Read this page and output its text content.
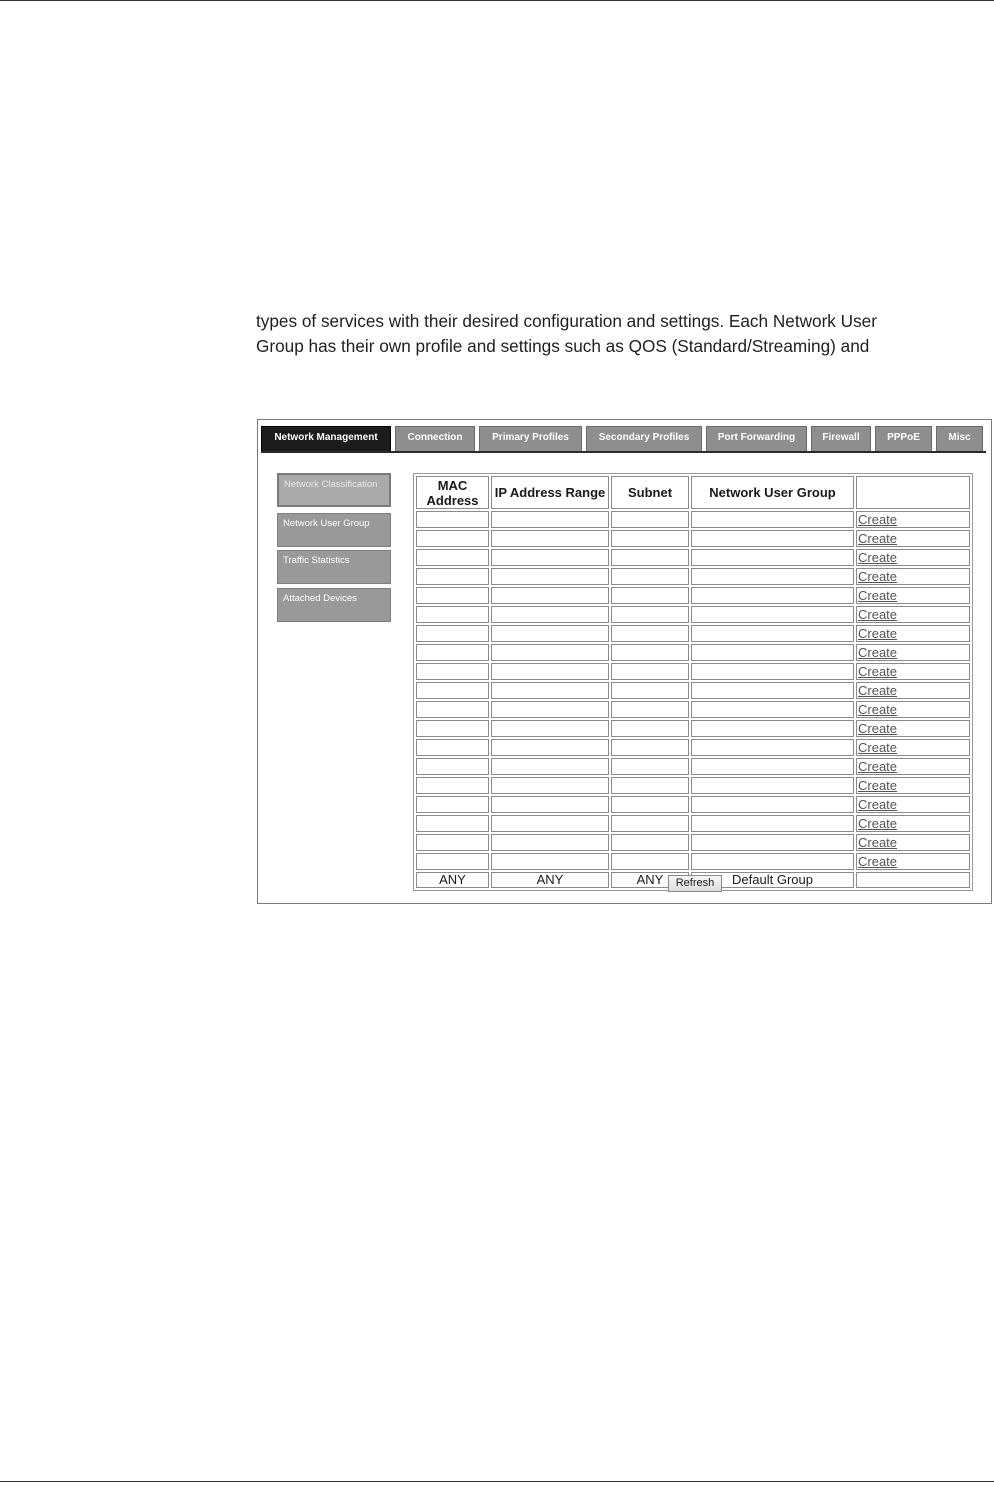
types of services with their desired configuration and settings. Each Network User

Group has their own profile and settings such as QOS (Standard/Streaming) and

Network Management	Connection	Primary Profiles	Secondary Profiles	Port Forwarding	Firewall	PPPoE	Misc
Network Classification
Network User Group
Traffic Statistics
Attached Devices
MAC Address	IP Address Range	Subnet	Network User Group	
				Create
				Create
				Create
				Create
				Create
				Create
				Create
				Create
				Create
				Create
				Create
				Create
				Create
				Create
				Create
				Create
				Create
				Create
				Create
ANY	ANY	ANY	Default Group	
Refresh
